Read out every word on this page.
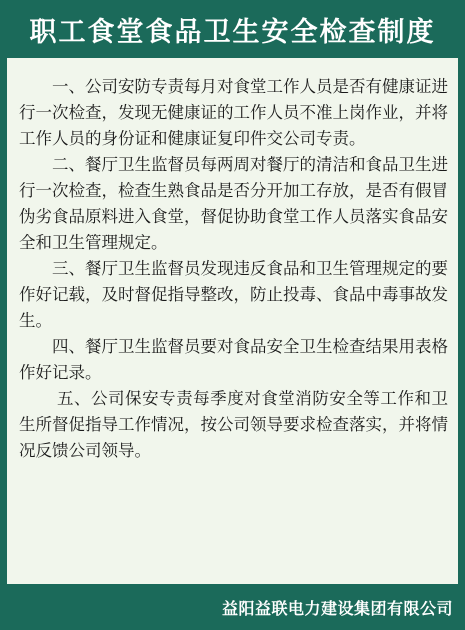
职工食堂食品卫生安全检查制度

一、公司安防专责每月对食堂工作人员是否有健康证进行一次检查，发现无健康证的工作人员不准上岗作业，并将工作人员的身份证和健康证复印件交公司专责。

二、餐厅卫生监督员每两周对餐厅的清洁和食品卫生进行一次检查，检查生熟食品是否分开加工存放，是否有假冒伪劣食品原料进入食堂，督促协助食堂工作人员落实食品安全和卫生管理规定。

三、餐厅卫生监督员发现违反食品和卫生管理规定的要作好记载，及时督促指导整改，防止投毒、食品中毒事故发生。

四、餐厅卫生监督员要对食品安全卫生检查结果用表格作好记录。

五、公司保安专责每季度对食堂消防安全等工作和卫生所督促指导工作情况，按公司领导要求检查落实，并将情况反馈公司领导。

益阳益联电力建设集团有限公司
